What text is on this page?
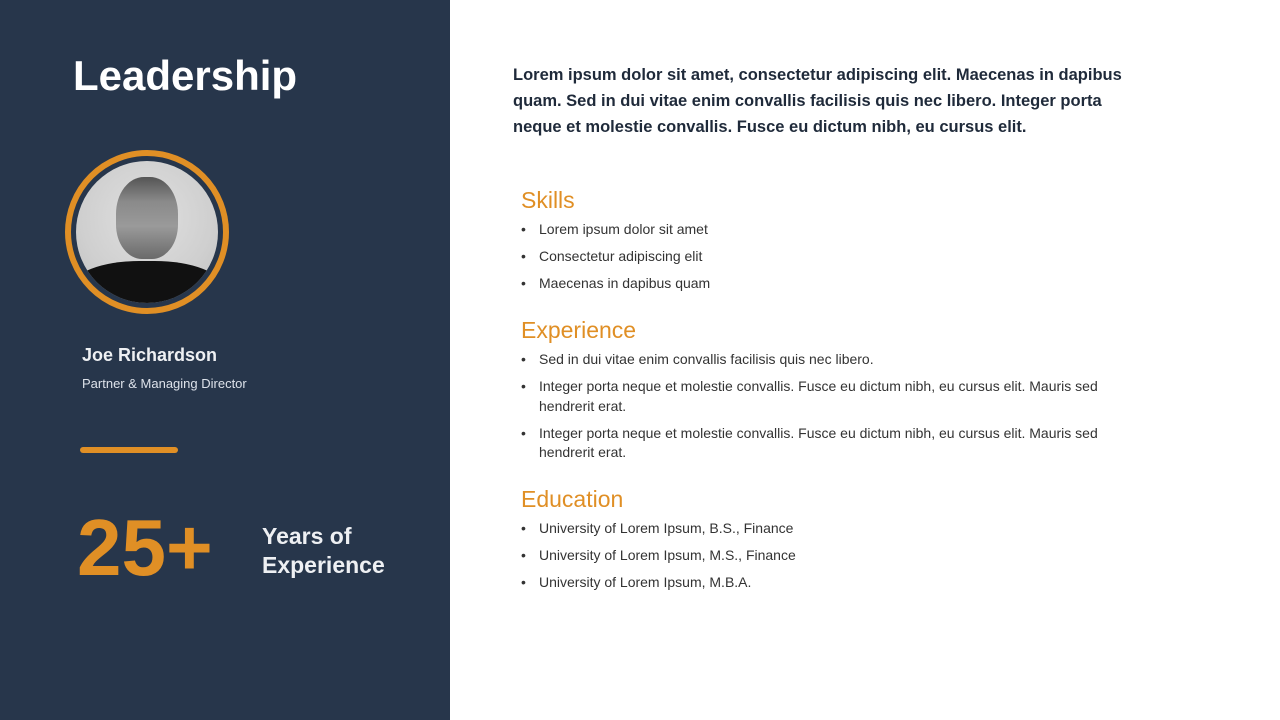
Leadership
Joe Richardson
Partner & Managing Director
25+ Years of
Experience

Lorem ipsum dolor sit amet, consectetur adipiscing elit. Maecenas in dapibus quam. Sed in dui vitae enim convallis facilisis quis nec libero. Integer porta neque et molestie convallis. Fusce eu dictum nibh, eu cursus elit.

Skills
• Lorem ipsum dolor sit amet
• Consectetur adipiscing elit
• Maecenas in dapibus quam
Experience
• Sed in dui vitae enim convallis facilisis quis nec libero.
• Integer porta neque et molestie convallis. Fusce eu dictum nibh, eu cursus elit. Mauris sed hendrerit erat.
• Integer porta neque et molestie convallis. Fusce eu dictum nibh, eu cursus elit. Mauris sed hendrerit erat.
Education
• University of Lorem Ipsum, B.S., Finance
• University of Lorem Ipsum, M.S., Finance
• University of Lorem Ipsum, M.B.A.
